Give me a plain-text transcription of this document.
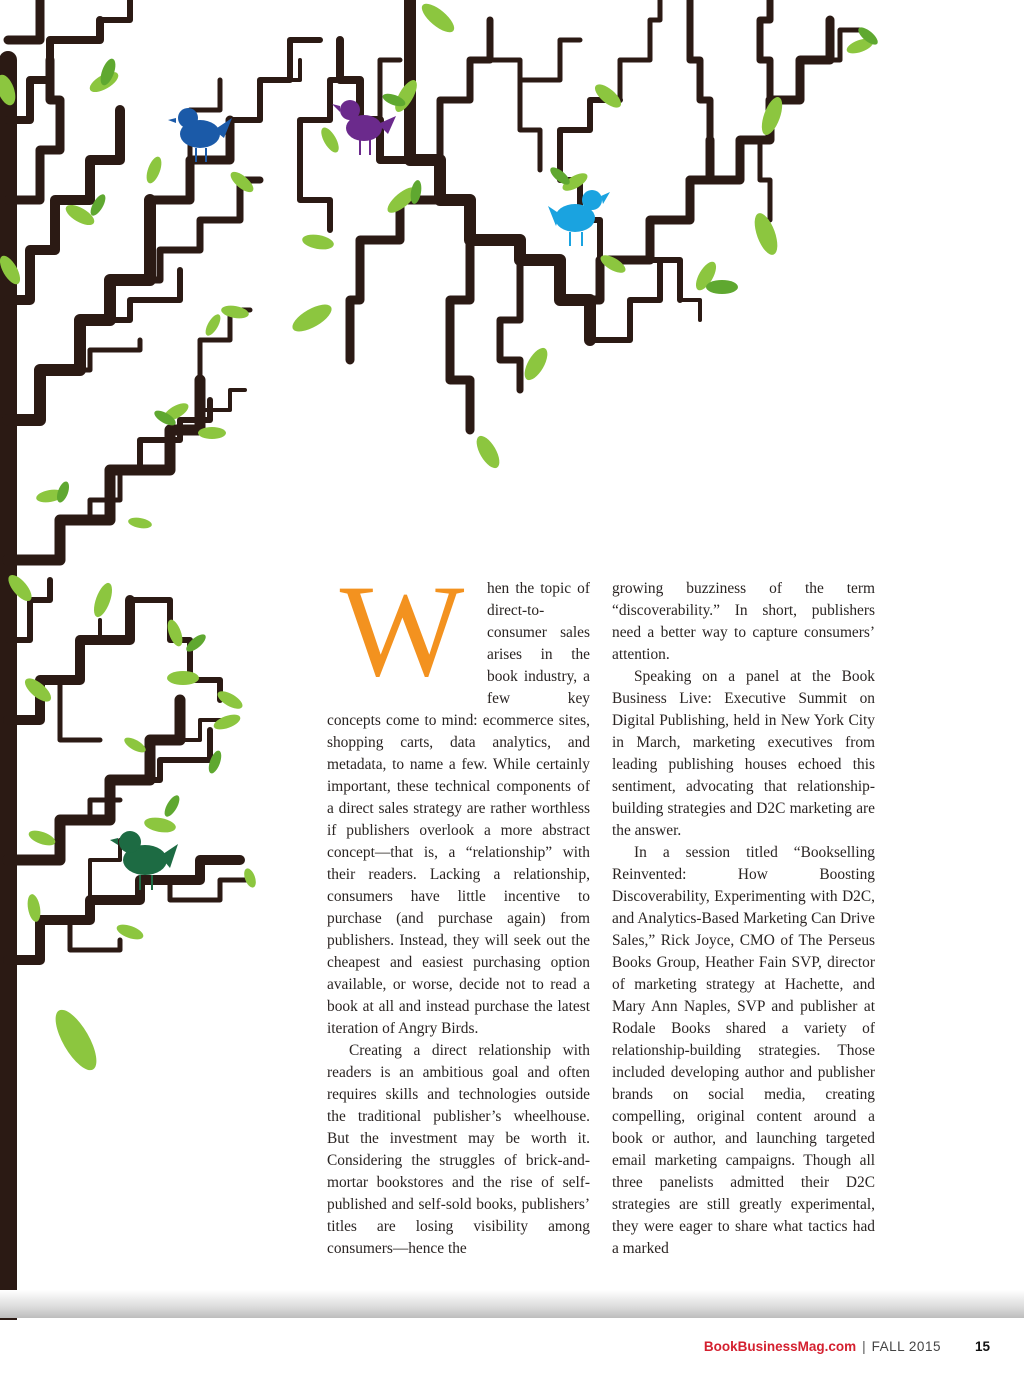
W	hen the topic of direct-to-consumer sales arises in the book industry, a few key concepts come to mind: ecommerce sites, shopping carts, data analytics, and metadata, to name a few. While certainly important, these technical components of a direct sales strategy are rather worthless if publishers overlook a more abstract concept—that is, a “relationship” with their readers. Lacking a relationship, consumers have little incentive to purchase (and purchase again) from publishers. Instead, they will seek out the cheapest and easiest purchasing option available, or worse, decide not to read a book at all and instead purchase the latest iteration of Angry Birds.

Creating a direct relationship with readers is an ambitious goal and often requires skills and technologies outside the traditional publisher’s wheelhouse. But the investment may be worth it. Considering the struggles of brick-and-mortar bookstores and the rise of self-published and self-sold books, publishers’ titles are losing visibility among consumers—hence the

growing buzziness of the term “discoverability.” In short, publishers need a better way to capture consumers’ attention.

Speaking on a panel at the Book Business Live: Executive Summit on Digital Publishing, held in New York City in March, marketing executives from leading publishing houses echoed this sentiment, advocating that relationship-building strategies and D2C marketing are the answer.

In a session titled “Bookselling Reinvented: How Boosting Discoverability, Experimenting with D2C, and Analytics-Based Marketing Can Drive Sales,” Rick Joyce, CMO of The Perseus Books Group, Heather Fain SVP, director of marketing strategy at Hachette, and Mary Ann Naples, SVP and publisher at Rodale Books shared a variety of relationship-building strategies. Those included developing author and publisher brands on social media, creating compelling, original content around a book or author, and launching targeted email marketing campaigns. Though all three panelists admitted their D2C strategies are still greatly experimental, they were eager to share what tactics had a marked

BookBusinessMag.com | FALL 2015	15
